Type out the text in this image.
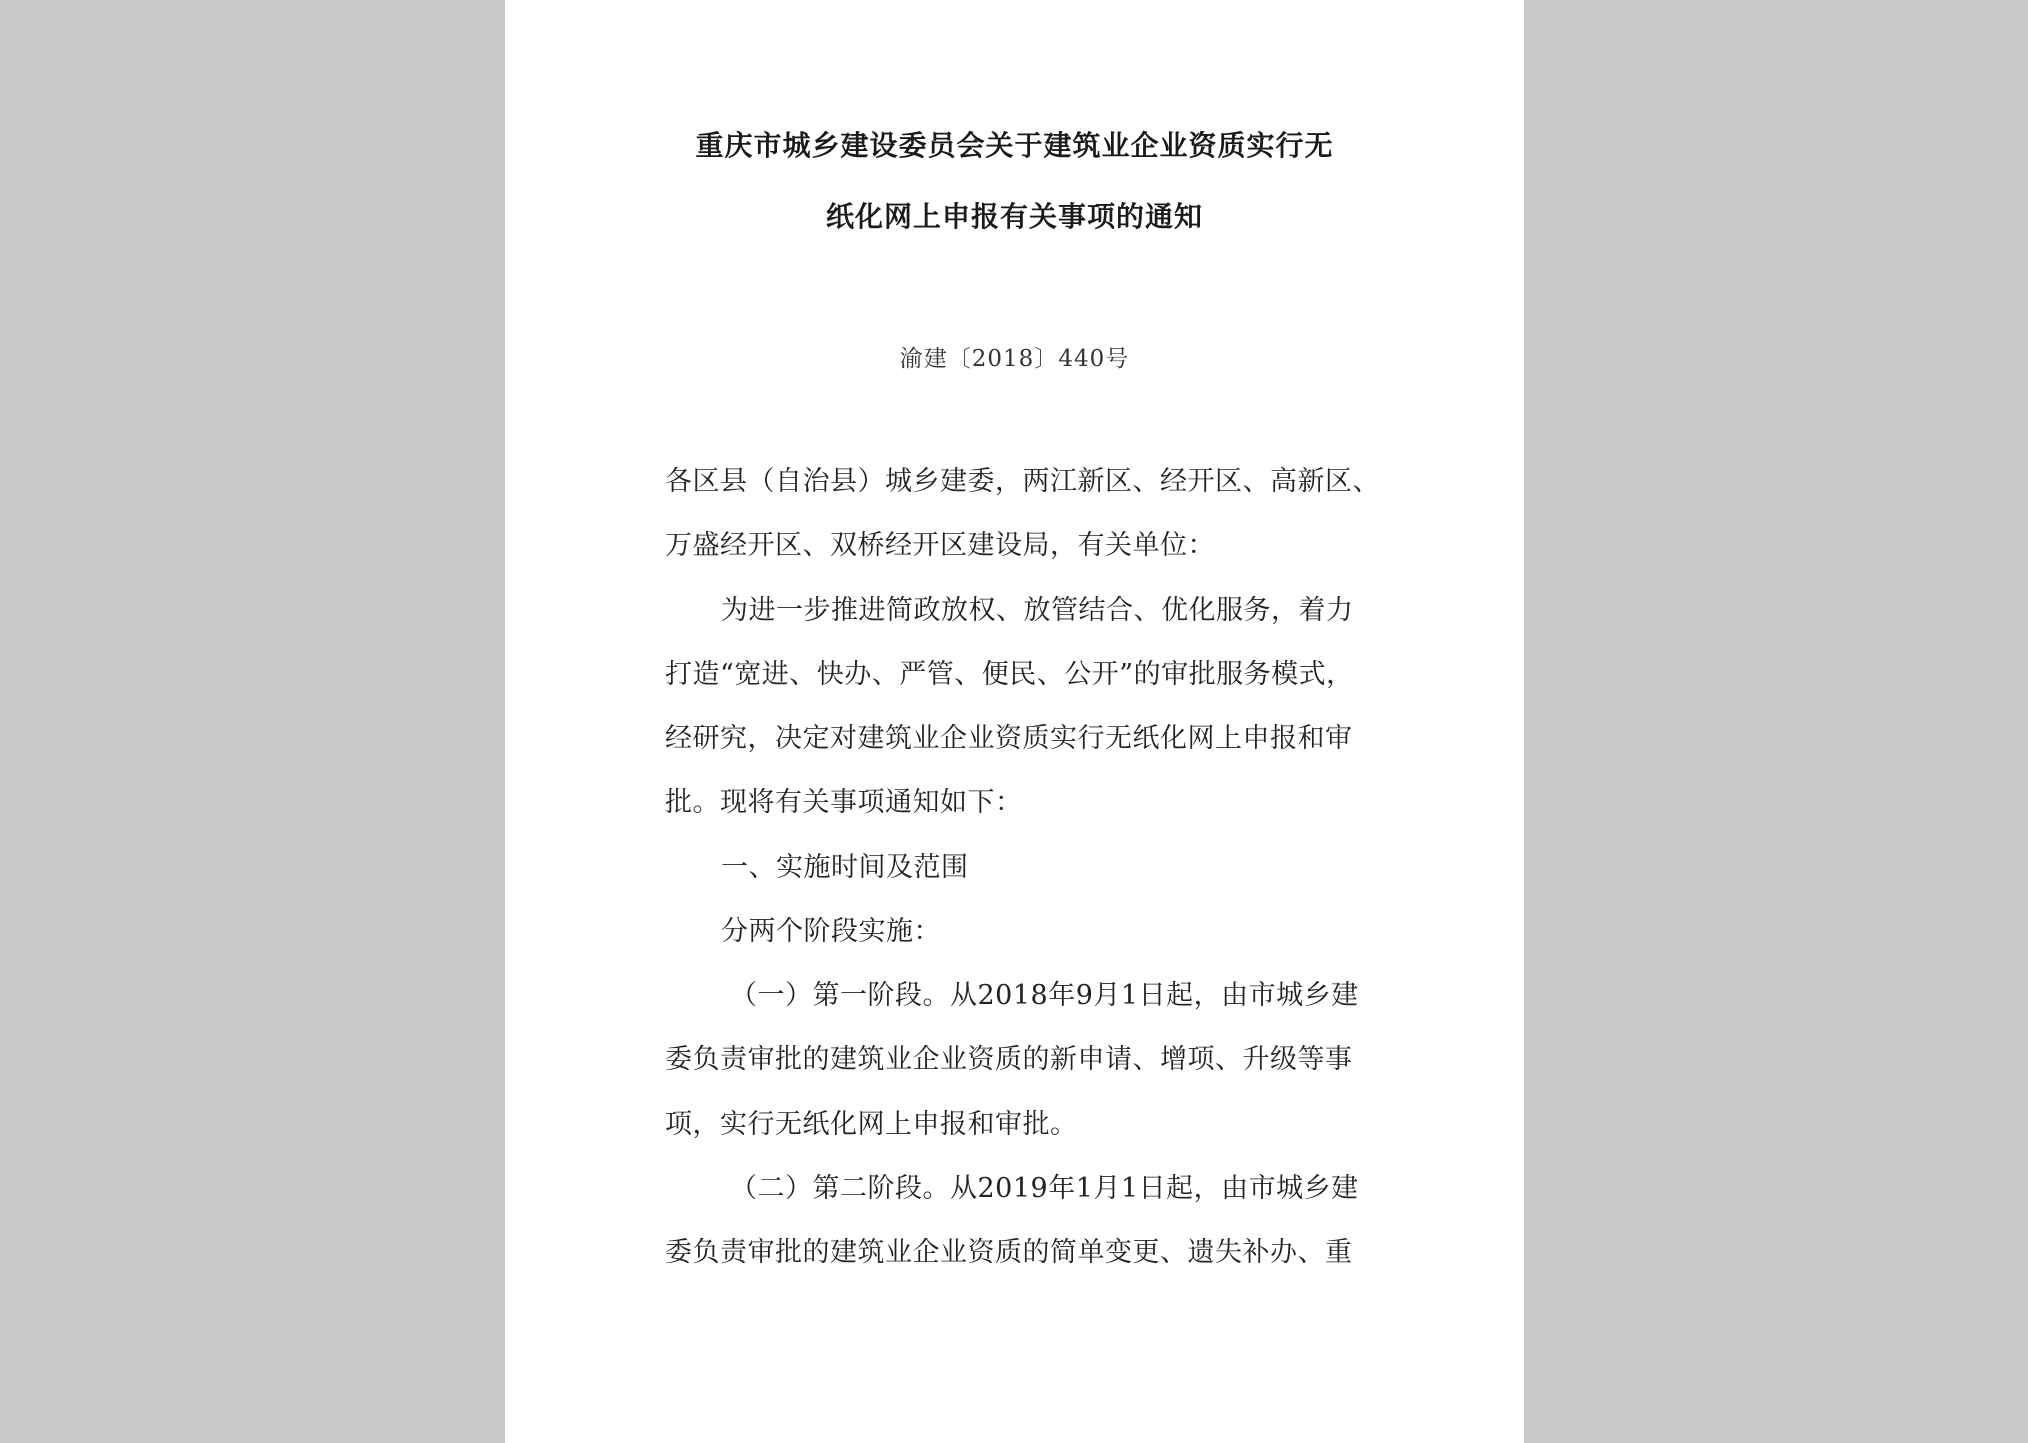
重庆市城乡建设委员会关于建筑业企业资质实行无
纸化网上申报有关事项的通知
渝建〔2018〕440号
各区县（自治县）城乡建委，两江新区、经开区、高新区、
万盛经开区、双桥经开区建设局，有关单位：
为进一步推进简政放权、放管结合、优化服务，着力
打造“宽进、快办、严管、便民、公开”的审批服务模式，
经研究，决定对建筑业企业资质实行无纸化网上申报和审
批。现将有关事项通知如下：
一、实施时间及范围
分两个阶段实施：
（一）第一阶段。从2018年9月1日起，由市城乡建
委负责审批的建筑业企业资质的新申请、增项、升级等事
项，实行无纸化网上申报和审批。
（二）第二阶段。从2019年1月1日起，由市城乡建
委负责审批的建筑业企业资质的简单变更、遗失补办、重
